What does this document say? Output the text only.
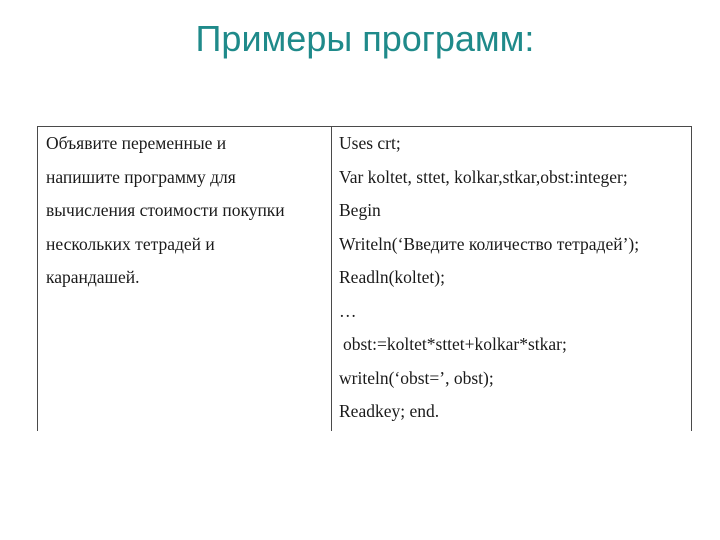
Примеры программ:
Объявите переменные и
напишите программу для
вычисления стоимости покупки
нескольких тетрадей и
карандашей.
Uses crt;
Var koltet, sttet, kolkar,stkar,obst:integer;
Begin
Writeln(‘Введите количество тетрадей’);
Readln(koltet);
…
obst:=koltet*sttet+kolkar*stkar;
writeln(‘obst=’, obst);
Readkey; end.
